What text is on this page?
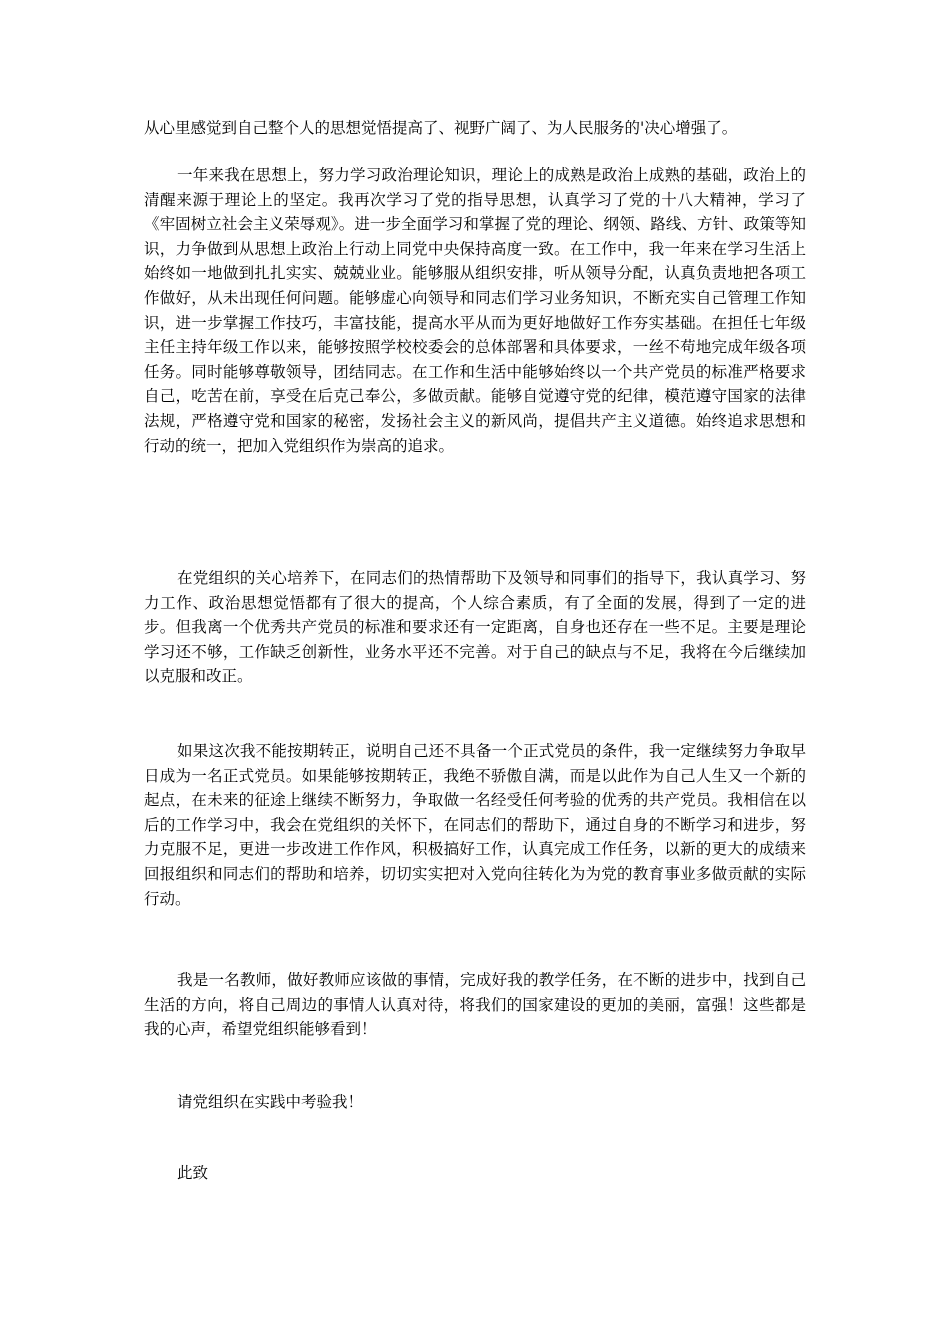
从心里感觉到自己整个人的思想觉悟提高了、视野广阔了、为人民服务的'决心增强了。

一年来我在思想上，努力学习政治理论知识，理论上的成熟是政治上成熟的基础，政治上的清醒来源于理论上的坚定。我再次学习了党的指导思想，认真学习了党的十八大精神，学习了《牢固树立社会主义荣辱观》。进一步全面学习和掌握了党的理论、纲领、路线、方针、政策等知识，力争做到从思想上政治上行动上同党中央保持高度一致。在工作中，我一年来在学习生活上始终如一地做到扎扎实实、兢兢业业。能够服从组织安排，听从领导分配，认真负责地把各项工作做好，从未出现任何问题。能够虚心向领导和同志们学习业务知识，不断充实自己管理工作知识，进一步掌握工作技巧，丰富技能，提高水平从而为更好地做好工作夯实基础。在担任七年级主任主持年级工作以来，能够按照学校校委会的总体部署和具体要求，一丝不苟地完成年级各项任务。同时能够尊敬领导，团结同志。在工作和生活中能够始终以一个共产党员的标准严格要求自己，吃苦在前，享受在后克己奉公，多做贡献。能够自觉遵守党的纪律，模范遵守国家的法律法规，严格遵守党和国家的秘密，发扬社会主义的新风尚，提倡共产主义道德。始终追求思想和行动的统一，把加入党组织作为崇高的追求。

在党组织的关心培养下，在同志们的热情帮助下及领导和同事们的指导下，我认真学习、努力工作、政治思想觉悟都有了很大的提高，个人综合素质，有了全面的发展，得到了一定的进步。但我离一个优秀共产党员的标准和要求还有一定距离，自身也还存在一些不足。主要是理论学习还不够，工作缺乏创新性，业务水平还不完善。对于自己的缺点与不足，我将在今后继续加以克服和改正。

如果这次我不能按期转正，说明自己还不具备一个正式党员的条件，我一定继续努力争取早日成为一名正式党员。如果能够按期转正，我绝不骄傲自满，而是以此作为自己人生又一个新的起点，在未来的征途上继续不断努力，争取做一名经受任何考验的优秀的共产党员。我相信在以后的工作学习中，我会在党组织的关怀下，在同志们的帮助下，通过自身的不断学习和进步，努力克服不足，更进一步改进工作作风，积极搞好工作，认真完成工作任务，以新的更大的成绩来回报组织和同志们的帮助和培养，切切实实把对入党向往转化为为党的教育事业多做贡献的实际行动。

我是一名教师，做好教师应该做的事情，完成好我的教学任务，在不断的进步中，找到自己生活的方向，将自己周边的事情人认真对待，将我们的国家建设的更加的美丽，富强！这些都是我的心声，希望党组织能够看到！

请党组织在实践中考验我！

此致
